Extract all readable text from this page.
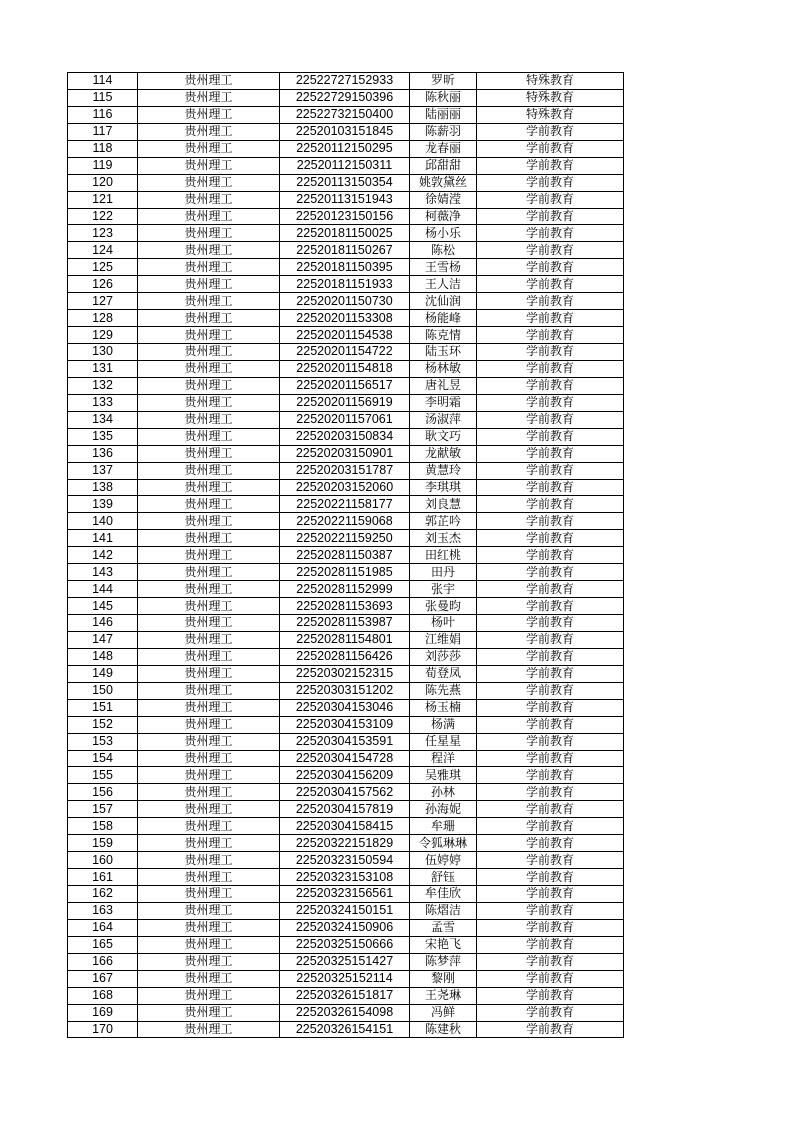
114	贵州理工	22522727152933	罗昕	特殊教育
115	贵州理工	22522729150396	陈秋丽	特殊教育
116	贵州理工	22522732150400	陆丽丽	特殊教育
117	贵州理工	22520103151845	陈薪羽	学前教育
118	贵州理工	22520112150295	龙春丽	学前教育
119	贵州理工	22520112150311	邱甜甜	学前教育
120	贵州理工	22520113150354	姚敦黛丝	学前教育
121	贵州理工	22520113151943	徐婧滢	学前教育
122	贵州理工	22520123150156	柯薇净	学前教育
123	贵州理工	22520181150025	杨小乐	学前教育
124	贵州理工	22520181150267	陈松	学前教育
125	贵州理工	22520181150395	王雪杨	学前教育
126	贵州理工	22520181151933	王人洁	学前教育
127	贵州理工	22520201150730	沈仙润	学前教育
128	贵州理工	22520201153308	杨能峰	学前教育
129	贵州理工	22520201154538	陈克情	学前教育
130	贵州理工	22520201154722	陆玉环	学前教育
131	贵州理工	22520201154818	杨林敏	学前教育
132	贵州理工	22520201156517	唐礼昱	学前教育
133	贵州理工	22520201156919	李明霜	学前教育
134	贵州理工	22520201157061	汤淑萍	学前教育
135	贵州理工	22520203150834	耿文巧	学前教育
136	贵州理工	22520203150901	龙献敏	学前教育
137	贵州理工	22520203151787	黄慧玲	学前教育
138	贵州理工	22520203152060	李琪琪	学前教育
139	贵州理工	22520221158177	刘良慧	学前教育
140	贵州理工	22520221159068	郭芷吟	学前教育
141	贵州理工	22520221159250	刘玉杰	学前教育
142	贵州理工	22520281150387	田红桃	学前教育
143	贵州理工	22520281151985	田丹	学前教育
144	贵州理工	22520281152999	张宇	学前教育
145	贵州理工	22520281153693	张曼昀	学前教育
146	贵州理工	22520281153987	杨叶	学前教育
147	贵州理工	22520281154801	江维娟	学前教育
148	贵州理工	22520281156426	刘莎莎	学前教育
149	贵州理工	22520302152315	荀登凤	学前教育
150	贵州理工	22520303151202	陈先燕	学前教育
151	贵州理工	22520304153046	杨玉楠	学前教育
152	贵州理工	22520304153109	杨满	学前教育
153	贵州理工	22520304153591	任星星	学前教育
154	贵州理工	22520304154728	程洋	学前教育
155	贵州理工	22520304156209	吴雅琪	学前教育
156	贵州理工	22520304157562	孙林	学前教育
157	贵州理工	22520304157819	孙海妮	学前教育
158	贵州理工	22520304158415	牟珊	学前教育
159	贵州理工	22520322151829	令狐琳琳	学前教育
160	贵州理工	22520323150594	伍婷婷	学前教育
161	贵州理工	22520323153108	舒钰	学前教育
162	贵州理工	22520323156561	牟佳欣	学前教育
163	贵州理工	22520324150151	陈熠洁	学前教育
164	贵州理工	22520324150906	孟雪	学前教育
165	贵州理工	22520325150666	宋艳飞	学前教育
166	贵州理工	22520325151427	陈梦萍	学前教育
167	贵州理工	22520325152114	黎刚	学前教育
168	贵州理工	22520326151817	王尧琳	学前教育
169	贵州理工	22520326154098	冯鲜	学前教育
170	贵州理工	22520326154151	陈建秋	学前教育
